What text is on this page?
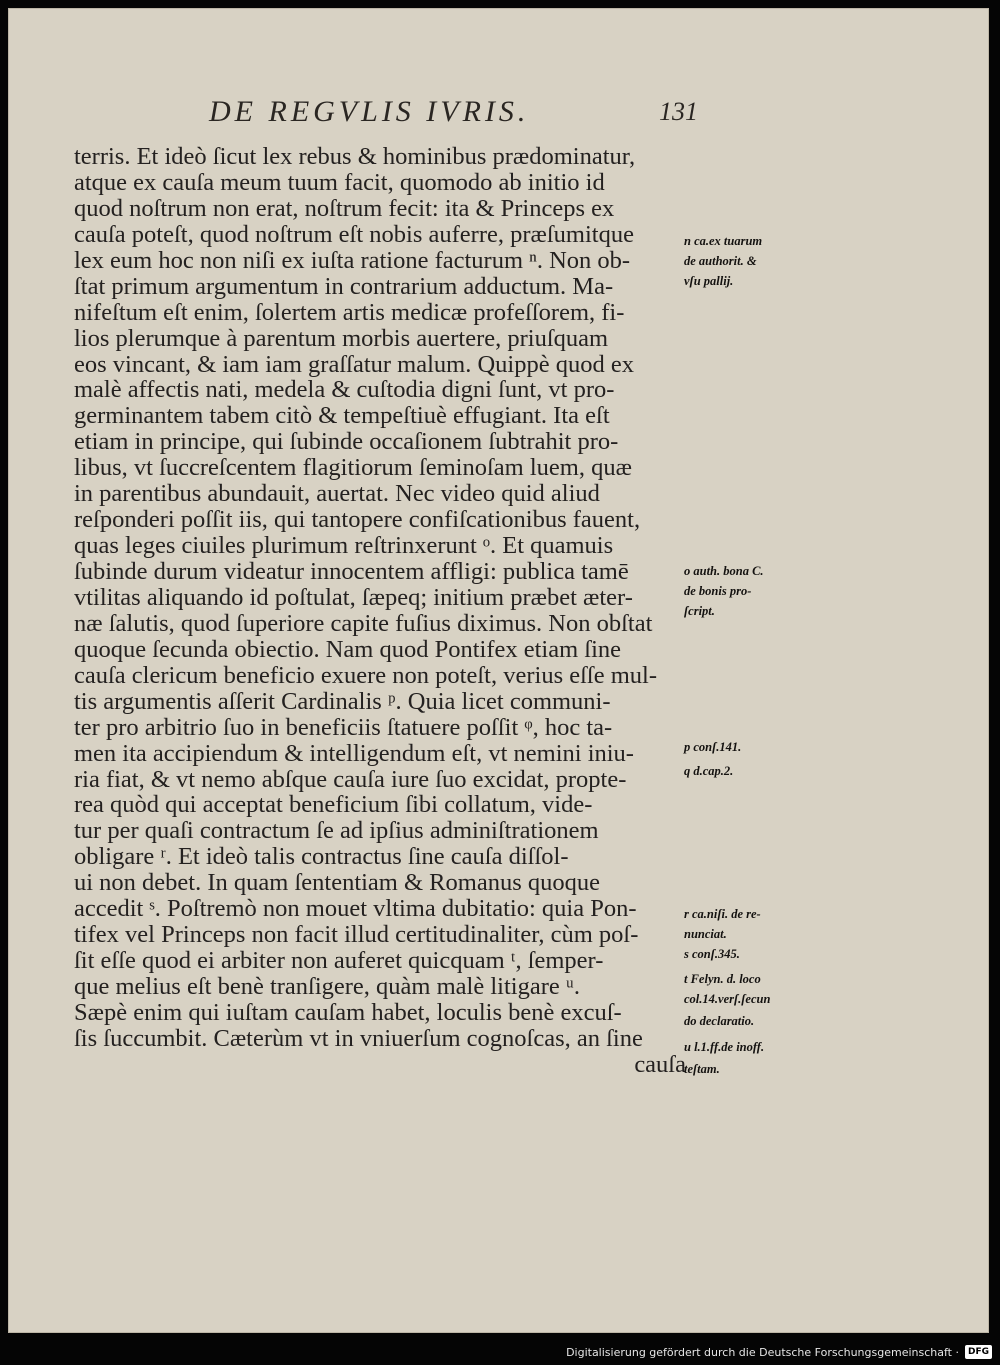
DE REGVLIS IVRIS.	131
terris. Et ideò ſicut lex rebus & hominibus prædominatur,
atque ex cauſa meum tuum facit, quomodo ab initio id
quod noſtrum non erat, noſtrum fecit: ita & Princeps ex
cauſa poteſt, quod noſtrum eſt nobis auferre, præſumitque
lex eum hoc non niſi ex iuſta ratione facturum ⁿ. Non ob-
ſtat primum argumentum in contrarium adductum. Ma-
nifeſtum eſt enim, ſolertem artis medicæ profeſſorem, fi-
lios plerumque à parentum morbis auertere, priuſquam
eos vincant, & iam iam graſſatur malum. Quippè quod ex
malè affectis nati, medela & cuſtodia digni ſunt, vt pro-
germinantem tabem citò & tempeſtiuè effugiant. Ita eſt
etiam in principe, qui ſubinde occaſionem ſubtrahit pro-
libus, vt ſuccreſcentem flagitiorum ſeminoſam luem, quæ
in parentibus abundauit, auertat. Nec video quid aliud
reſponderi poſſit iis, qui tantopere confiſcationibus fauent,
quas leges ciuiles plurimum reſtrinxerunt ᵒ. Et quamuis
ſubinde durum videatur innocentem affligi: publica tamē
vtilitas aliquando id poſtulat, ſæpeq; initium præbet æter-
næ ſalutis, quod ſuperiore capite fuſius diximus. Non obſtat
quoque ſecunda obiectio. Nam quod Pontifex etiam ſine
cauſa clericum beneficio exuere non poteſt, verius eſſe mul-
tis argumentis aſſerit Cardinalis ᵖ. Quia licet communi-
ter pro arbitrio ſuo in beneficiis ſtatuere poſſit ᵠ, hoc ta-
men ita accipiendum & intelligendum eſt, vt nemini iniu-
ria fiat, & vt nemo abſque cauſa iure ſuo excidat, propte-
rea quòd qui acceptat beneficium ſibi collatum, vide-
tur per quaſi contractum ſe ad ipſius adminiſtrationem
obligare ʳ. Et ideò talis contractus ſine cauſa diſſol-
ui non debet. In quam ſententiam & Romanus quoque
accedit ˢ. Poſtremò non mouet vltima dubitatio: quia Pon-
tifex vel Princeps non facit illud certitudinaliter, cùm poſ-
ſit eſſe quod ei arbiter non auferet quicquam ᵗ, ſemper-
que melius eſt benè tranſigere, quàm malè litigare ᵘ.
Sæpè enim qui iuſtam cauſam habet, loculis benè excuſ-
ſis ſuccumbit. Cæterùm vt in vniuerſum cognoſcas, an ſine
cauſa
n ca.ex tuarum
de authorit. &
vſu pallij.
o auth. bona C.
de bonis pro-
ſcript.
p conſ.141.
q d.cap.2.
r ca.niſi. de re-
nunciat.
s conſ.345.
t Felyn. d. loco
col.14.verſ.ſecun
do declaratio.
u l.1.ff.de inoff.
teſtam.
Digitalisierung gefördert durch die Deutsche Forschungsgemeinschaft ·	DFG
